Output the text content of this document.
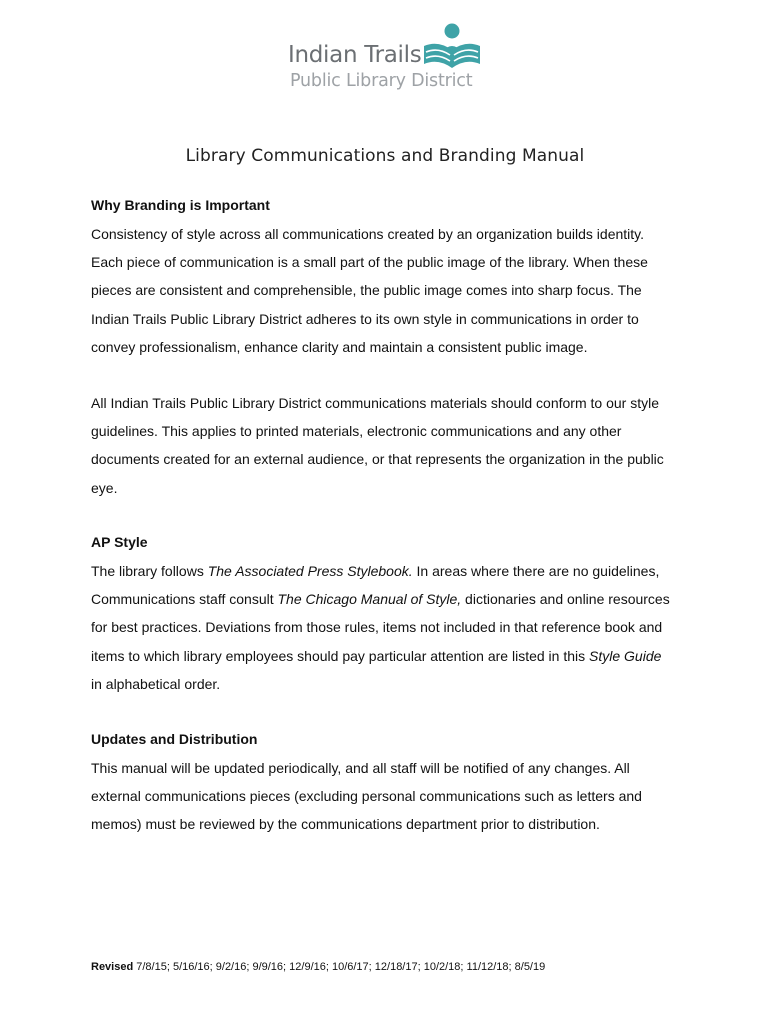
Indian Trails
Public Library District
Library Communications and Branding Manual
Why Branding is Important

Consistency of style across all communications created by an organization builds identity.
Each piece of communication is a small part of the public image of the library. When these
pieces are consistent and comprehensible, the public image comes into sharp focus. The
Indian Trails Public Library District adheres to its own style in communications in order to
convey professionalism, enhance clarity and maintain a consistent public image.

All Indian Trails Public Library District communications materials should conform to our style
guidelines. This applies to printed materials, electronic communications and any other
documents created for an external audience, or that represents the organization in the public
eye.

AP Style

The library follows The Associated Press Stylebook. In areas where there are no guidelines,
Communications staff consult The Chicago Manual of Style, dictionaries and online resources
for best practices. Deviations from those rules, items not included in that reference book and
items to which library employees should pay particular attention are listed in this Style Guide
in alphabetical order.

Updates and Distribution

This manual will be updated periodically, and all staff will be notified of any changes. All
external communications pieces (excluding personal communications such as letters and
memos) must be reviewed by the communications department prior to distribution.

Revised 7/8/15; 5/16/16; 9/2/16; 9/9/16; 12/9/16; 10/6/17; 12/18/17; 10/2/18; 11/12/18; 8/5/19
